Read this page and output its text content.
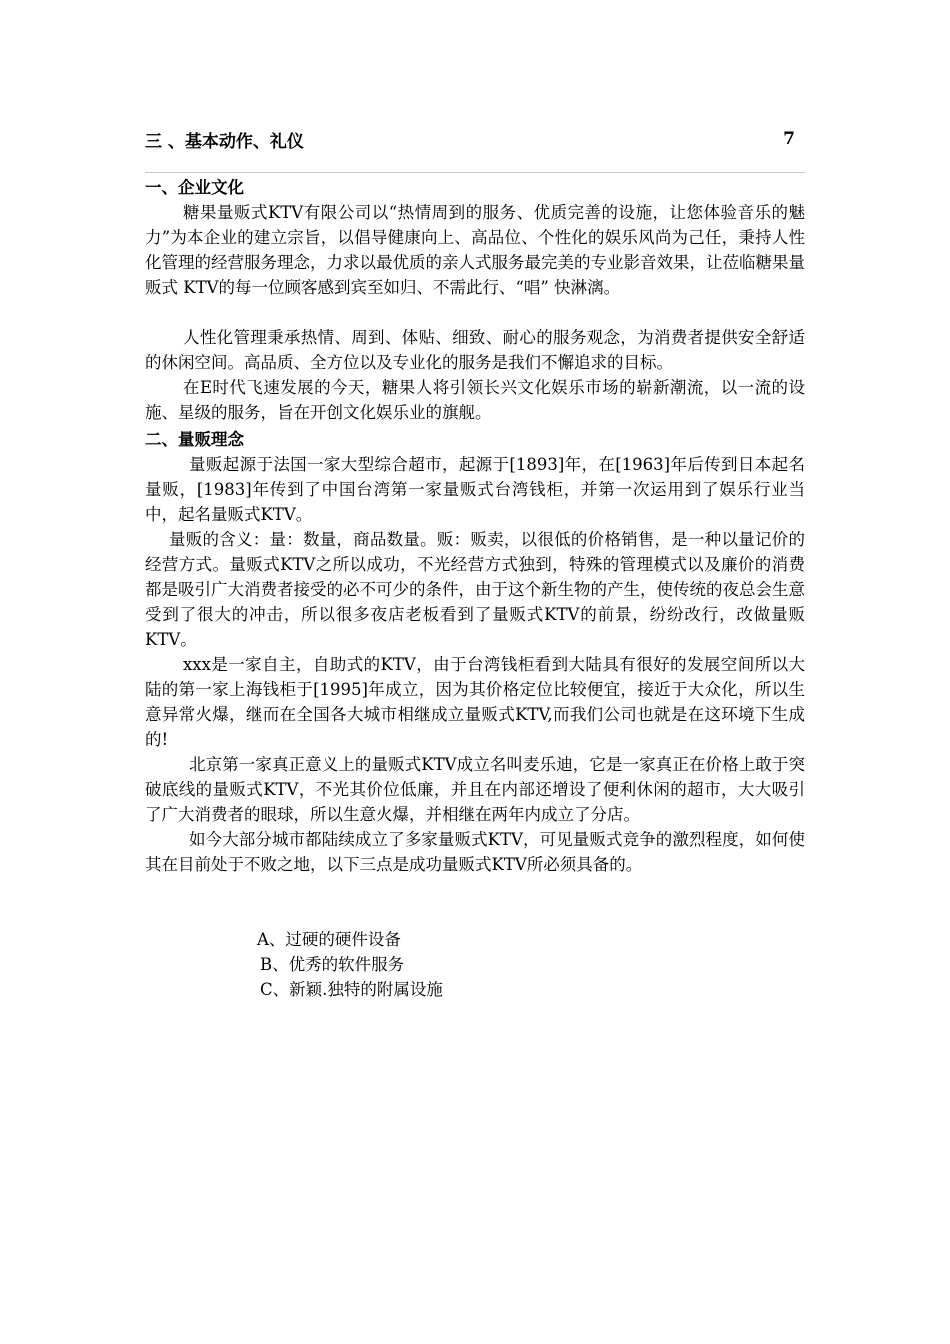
三 、基本动作、礼仪	7
一、企业文化

糖果量贩式KTV有限公司以“热情周到的服务、优质完善的设施，让您体验音乐的魅力”为本企业的建立宗旨，以倡导健康向上、高品位、个性化的娱乐风尚为己任，秉持人性化管理的经营服务理念，力求以最优质的亲人式服务最完美的专业影音效果，让莅临糖果量贩式 KTV的每一位顾客感到宾至如归、不需此行、“唱” 快淋漓。

人性化管理秉承热情、周到、体贴、细致、耐心的服务观念，为消费者提供安全舒适的休闲空间。高品质、全方位以及专业化的服务是我们不懈追求的目标。

在E时代飞速发展的今天，糖果人将引领长兴文化娱乐市场的崭新潮流，以一流的设施、星级的服务，旨在开创文化娱乐业的旗舰。

二、量贩理念

量贩起源于法国一家大型综合超市，起源于[1893]年，在[1963]年后传到日本起名量贩，[1983]年传到了中国台湾第一家量贩式台湾钱柜，并第一次运用到了娱乐行业当中，起名量贩式KTV。

量贩的含义：量：数量，商品数量。贩：贩卖，以很低的价格销售，是一种以量记价的经营方式。量贩式KTV之所以成功，不光经营方式独到，特殊的管理模式以及廉价的消费都是吸引广大消费者接受的必不可少的条件，由于这个新生物的产生，使传统的夜总会生意受到了很大的冲击，所以很多夜店老板看到了量贩式KTV的前景，纷纷改行，改做量贩KTV。

xxx是一家自主，自助式的KTV，由于台湾钱柜看到大陆具有很好的发展空间所以大陆的第一家上海钱柜于[1995]年成立，因为其价格定位比较便宜，接近于大众化，所以生意异常火爆，继而在全国各大城市相继成立量贩式KTV,而我们公司也就是在这环境下生成的!

北京第一家真正意义上的量贩式KTV成立名叫麦乐迪，它是一家真正在价格上敢于突破底线的量贩式KTV，不光其价位低廉，并且在内部还增设了便利休闲的超市，大大吸引了广大消费者的眼球，所以生意火爆，并相继在两年内成立了分店。

如今大部分城市都陆续成立了多家量贩式KTV，可见量贩式竞争的激烈程度，如何使其在目前处于不败之地，以下三点是成功量贩式KTV所必须具备的。

A、过硬的硬件设备
B、优秀的软件服务
C、新颖.独特的附属设施
